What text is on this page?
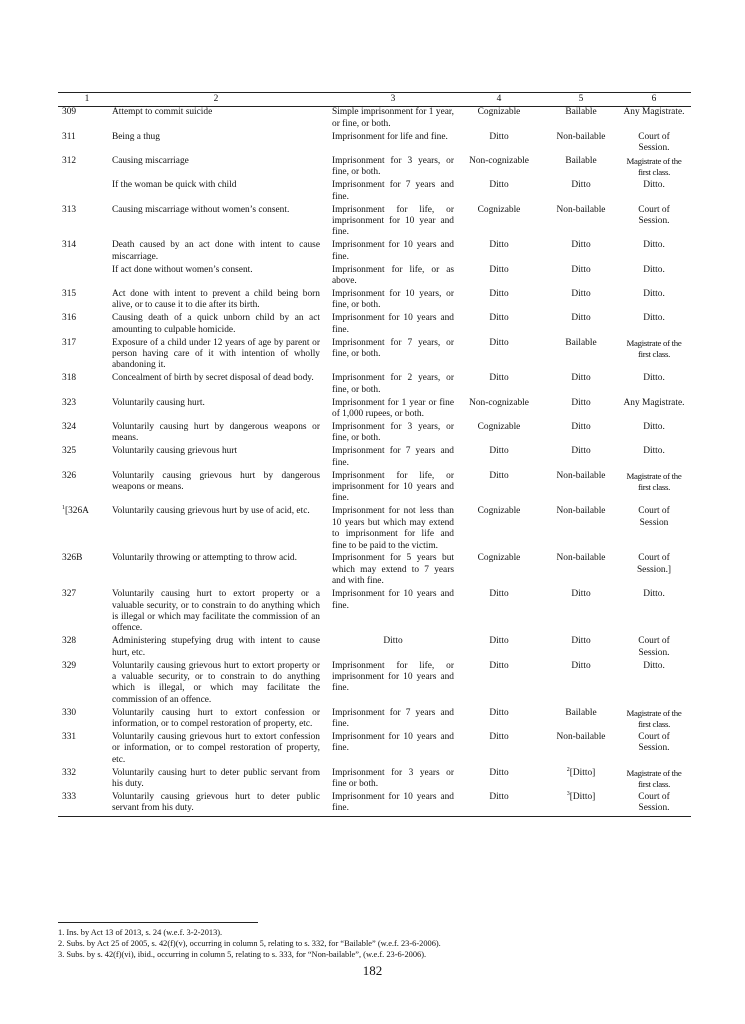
1	2	3	4	5	6
309	Attempt to commit suicide	Simple imprisonment for 1 year, or fine, or both.	Cognizable	Bailable	Any Magistrate.
311	Being a thug	Imprisonment for life and fine.	Ditto	Non-bailable	Court of Session.
312	Causing miscarriage	Imprisonment for 3 years, or fine, or both.	Non-cognizable	Bailable	Magistrate of the first class.
	If the woman be quick with child	Imprisonment for 7 years and fine.	Ditto	Ditto	Ditto.
313	Causing miscarriage without women’s consent.	Imprisonment for life, or imprisonment for 10 year and fine.	Cognizable	Non-bailable	Court of Session.
314	Death caused by an act done with intent to cause miscarriage.	Imprisonment for 10 years and fine.	Ditto	Ditto	Ditto.
	If act done without women’s consent.	Imprisonment for life, or as above.	Ditto	Ditto	Ditto.
315	Act done with intent to prevent a child being born alive, or to cause it to die after its birth.	Imprisonment for 10 years, or fine, or both.	Ditto	Ditto	Ditto.
316	Causing death of a quick unborn child by an act amounting to culpable homicide.	Imprisonment for 10 years and fine.	Ditto	Ditto	Ditto.
317	Exposure of a child under 12 years of age by parent or person having care of it with intention of wholly abandoning it.	Imprisonment for 7 years, or fine, or both.	Ditto	Bailable	Magistrate of the first class.
318	Concealment of birth by secret disposal of dead body.	Imprisonment for 2 years, or fine, or both.	Ditto	Ditto	Ditto.
323	Voluntarily causing hurt.	Imprisonment for 1 year or fine of 1,000 rupees, or both.	Non-cognizable	Ditto	Any Magistrate.
324	Voluntarily causing hurt by dangerous weapons or means.	Imprisonment for 3 years, or fine, or both.	Cognizable	Ditto	Ditto.
325	Voluntarily causing grievous hurt	Imprisonment for 7 years and fine.	Ditto	Ditto	Ditto.
326	Voluntarily causing grievous hurt by dangerous weapons or means.	Imprisonment for life, or imprisonment for 10 years and fine.	Ditto	Non-bailable	Magistrate of the first class.
$^1$[326A	Voluntarily causing grievous hurt by use of acid, etc.	Imprisonment for not less than 10 years but which may extend to imprisonment for life and fine to be paid to the victim.	Cognizable	Non-bailable	Court of Session
326B	Voluntarily throwing or attempting to throw acid.	Imprisonment for 5 years but which may extend to 7 years and with fine.	Cognizable	Non-bailable	Court of Session.]
327	Voluntarily causing hurt to extort property or a valuable security, or to constrain to do anything which is illegal or which may facilitate the commission of an offence.	Imprisonment for 10 years and fine.	Ditto	Ditto	Ditto.
328	Administering stupefying drug with intent to cause hurt, etc.	Ditto	Ditto	Ditto	Court of Session.
329	Voluntarily causing grievous hurt to extort property or a valuable security, or to constrain to do anything which is illegal, or which may facilitate the commission of an offence.	Imprisonment for life, or imprisonment for 10 years and fine.	Ditto	Ditto	Ditto.
330	Voluntarily causing hurt to extort confession or information, or to compel restoration of property, etc.	Imprisonment for 7 years and fine.	Ditto	Bailable	Magistrate of the first class.
331	Voluntarily causing grievous hurt to extort confession or information, or to compel restoration of property, etc.	Imprisonment for 10 years and fine.	Ditto	Non-bailable	Court of Session.
332	Voluntarily causing hurt to deter public servant from his duty.	Imprisonment for 3 years or fine or both.	Ditto	$^2$[Ditto]	Magistrate of the first class.
333	Voluntarily causing grievous hurt to deter public servant from his duty.	Imprisonment for 10 years and fine.	Ditto	$^3$[Ditto]	Court of Session.
1. Ins. by Act 13 of 2013, s. 24 (w.e.f. 3-2-2013).
2. Subs. by Act 25 of 2005, s. 42(f)(v), occurring in column 5, relating to s. 332, for “Bailable” (w.e.f. 23-6-2006).
3. Subs. by s. 42(f)(vi), ibid., occurring in column 5, relating to s. 333, for “Non-bailable”, (w.e.f. 23-6-2006).
182
